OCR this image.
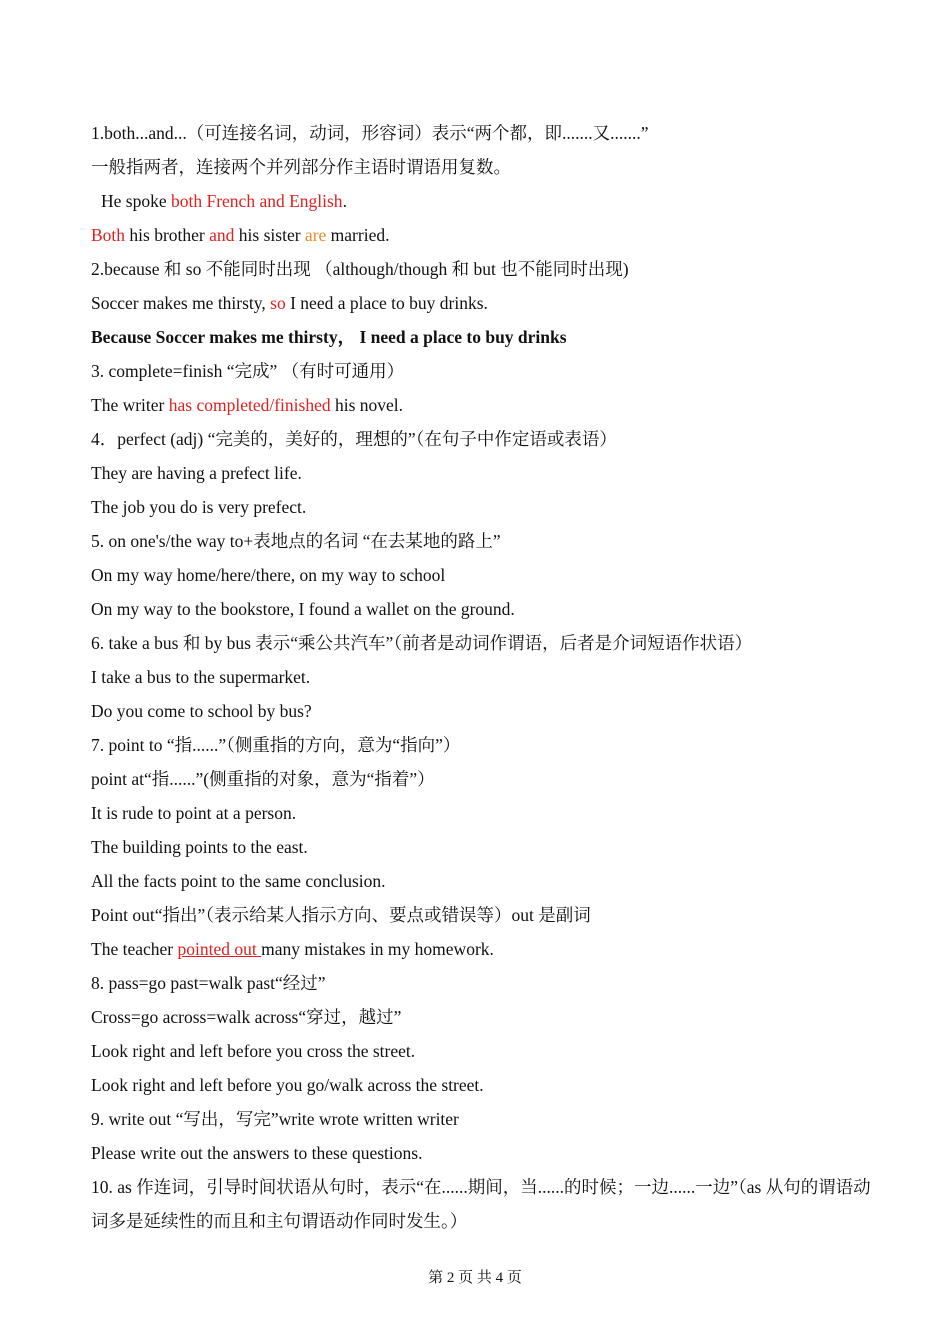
1.both...and...（可连接名词，动词，形容词）表示“两个都，即.......又.......”
一般指两者，连接两个并列部分作主语时谓语用复数。
He spoke both French and English.
Both his brother and his sister are married.
2.because 和 so 不能同时出现 （although/though 和 but 也不能同时出现)
Soccer makes me thirsty, so I need a place to buy drinks.
Because Soccer makes me thirsty， I need a place to buy drinks
3. complete=finish “完成” （有时可通用）
The writer has completed/finished his novel.
4．perfect (adj) “完美的，美好的，理想的”（在句子中作定语或表语）
They are having a prefect life.
The job you do is very prefect.
5. on one's/the way to+表地点的名词 “在去某地的路上”
On my way home/here/there, on my way to school
On my way to the bookstore, I found a wallet on the ground.
6. take a bus 和 by bus 表示“乘公共汽车”（前者是动词作谓语，后者是介词短语作状语）
I take a bus to the supermarket.
Do you come to school by bus?
7. point to “指......”（侧重指的方向，意为“指向”）
point at“指......”(侧重指的对象，意为“指着”）
It is rude to point at a person.
The building points to the east.
All the facts point to the same conclusion.
Point out“指出”（表示给某人指示方向、要点或错误等）out 是副词
The teacher pointed out many mistakes in my homework.
8. pass=go past=walk past“经过”
Cross=go across=walk across“穿过，越过”
Look right and left before you cross the street.
Look right and left before you go/walk across the street.
9. write out “写出，写完”write wrote written writer
Please write out the answers to these questions.
10. as 作连词，引导时间状语从句时，表示“在......期间，当......的时候；一边......一边”（as 从句的谓语动词多是延续性的而且和主句谓语动作同时发生。）
第 2 页 共 4 页
